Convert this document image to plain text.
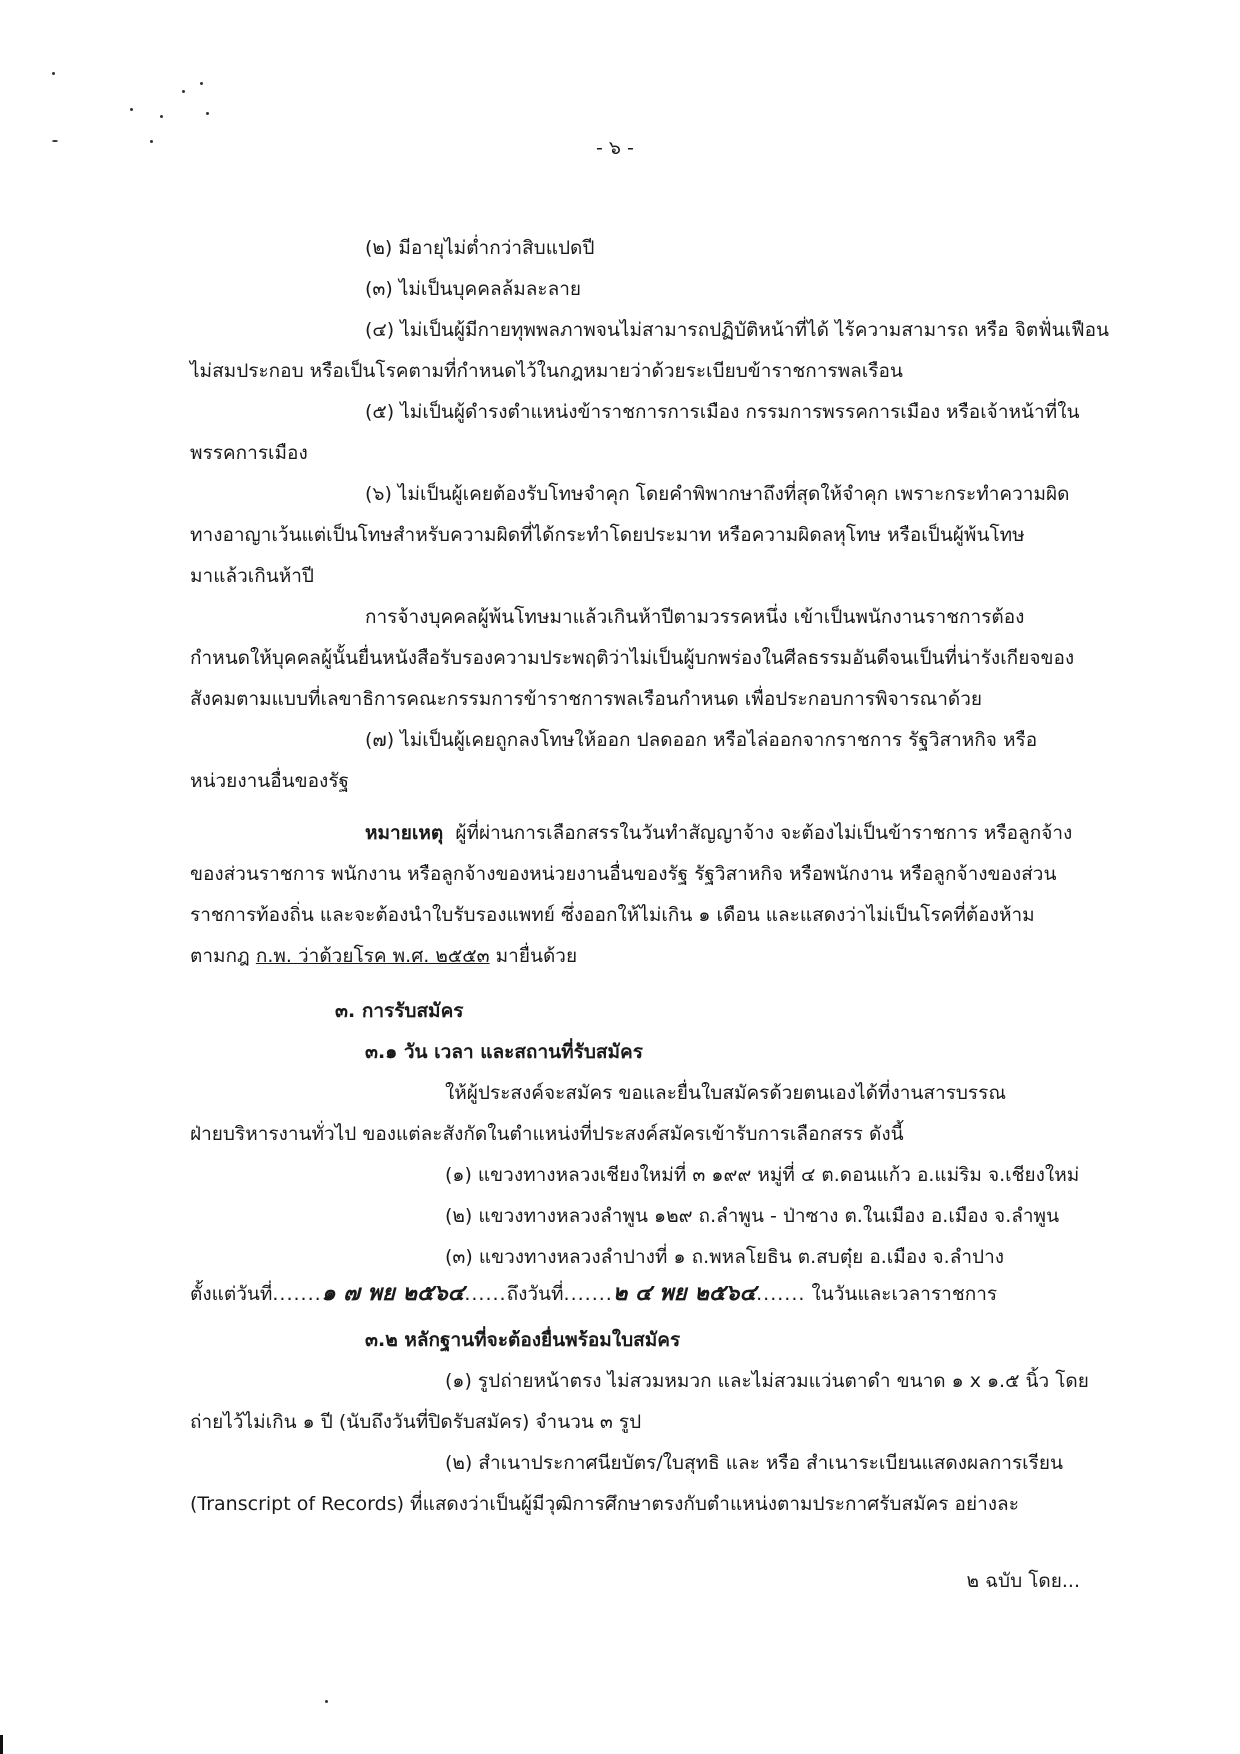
- ๖ -
(๒) มีอายุไม่ต่ำกว่าสิบแปดปี
(๓) ไม่เป็นบุคคลล้มละลาย
(๔) ไม่เป็นผู้มีกายทุพพลภาพจนไม่สามารถปฏิบัติหน้าที่ได้ ไร้ความสามารถ หรือ จิตฟั่นเฟือน
ไม่สมประกอบ หรือเป็นโรคตามที่กำหนดไว้ในกฎหมายว่าด้วยระเบียบข้าราชการพลเรือน
(๕) ไม่เป็นผู้ดำรงตำแหน่งข้าราชการการเมือง กรรมการพรรคการเมือง หรือเจ้าหน้าที่ใน
พรรคการเมือง
(๖) ไม่เป็นผู้เคยต้องรับโทษจำคุก โดยคำพิพากษาถึงที่สุดให้จำคุก เพราะกระทำความผิด
ทางอาญาเว้นแต่เป็นโทษสำหรับความผิดที่ได้กระทำโดยประมาท หรือความผิดลหุโทษ หรือเป็นผู้พ้นโทษ
มาแล้วเกินห้าปี
การจ้างบุคคลผู้พ้นโทษมาแล้วเกินห้าปีตามวรรคหนึ่ง เข้าเป็นพนักงานราชการต้อง
กำหนดให้บุคคลผู้นั้นยื่นหนังสือรับรองความประพฤติว่าไม่เป็นผู้บกพร่องในศีลธรรมอันดีจนเป็นที่น่ารังเกียจของ
สังคมตามแบบที่เลขาธิการคณะกรรมการข้าราชการพลเรือนกำหนด เพื่อประกอบการพิจารณาด้วย
(๗) ไม่เป็นผู้เคยถูกลงโทษให้ออก ปลดออก หรือไล่ออกจากราชการ รัฐวิสาหกิจ หรือ
หน่วยงานอื่นของรัฐ
หมายเหตุ ผู้ที่ผ่านการเลือกสรรในวันทำสัญญาจ้าง จะต้องไม่เป็นข้าราชการ หรือลูกจ้าง
ของส่วนราชการ พนักงาน หรือลูกจ้างของหน่วยงานอื่นของรัฐ รัฐวิสาหกิจ หรือพนักงาน หรือลูกจ้างของส่วน
ราชการท้องถิ่น และจะต้องนำใบรับรองแพทย์ ซึ่งออกให้ไม่เกิน ๑ เดือน และแสดงว่าไม่เป็นโรคที่ต้องห้าม
ตามกฎ ก.พ. ว่าด้วยโรค พ.ศ. ๒๕๕๓ มายื่นด้วย
๓. การรับสมัคร
๓.๑ วัน เวลา และสถานที่รับสมัคร
ให้ผู้ประสงค์จะสมัคร ขอและยื่นใบสมัครด้วยตนเองได้ที่งานสารบรรณ
ฝ่ายบริหารงานทั่วไป ของแต่ละสังกัดในตำแหน่งที่ประสงค์สมัครเข้ารับการเลือกสรร ดังนี้
(๑) แขวงทางหลวงเชียงใหม่ที่ ๓ ๑๙๙ หมู่ที่ ๔ ต.ดอนแก้ว อ.แม่ริม จ.เชียงใหม่
(๒) แขวงทางหลวงลำพูน ๑๒๙ ถ.ลำพูน - ป่าซาง ต.ในเมือง อ.เมือง จ.ลำพูน
(๓) แขวงทางหลวงลำปางที่ ๑ ถ.พหลโยธิน ต.สบตุ๋ย อ.เมือง จ.ลำปาง
ตั้งแต่วันที่.......๑ ๗ พย ๒๕๖๔......ถึงวันที่.......๒ ๔ พย ๒๕๖๔....... ในวันและเวลาราชการ
๓.๒ หลักฐานที่จะต้องยื่นพร้อมใบสมัคร
(๑) รูปถ่ายหน้าตรง ไม่สวมหมวก และไม่สวมแว่นตาดำ ขนาด ๑ x ๑.๕ นิ้ว โดย
ถ่ายไว้ไม่เกิน ๑ ปี (นับถึงวันที่ปิดรับสมัคร) จำนวน ๓ รูป
(๒) สำเนาประกาศนียบัตร/ใบสุทธิ และ หรือ สำเนาระเบียนแสดงผลการเรียน
(Transcript of Records) ที่แสดงว่าเป็นผู้มีวุฒิการศึกษาตรงกับตำแหน่งตามประกาศรับสมัคร อย่างละ
๒ ฉบับ โดย...
